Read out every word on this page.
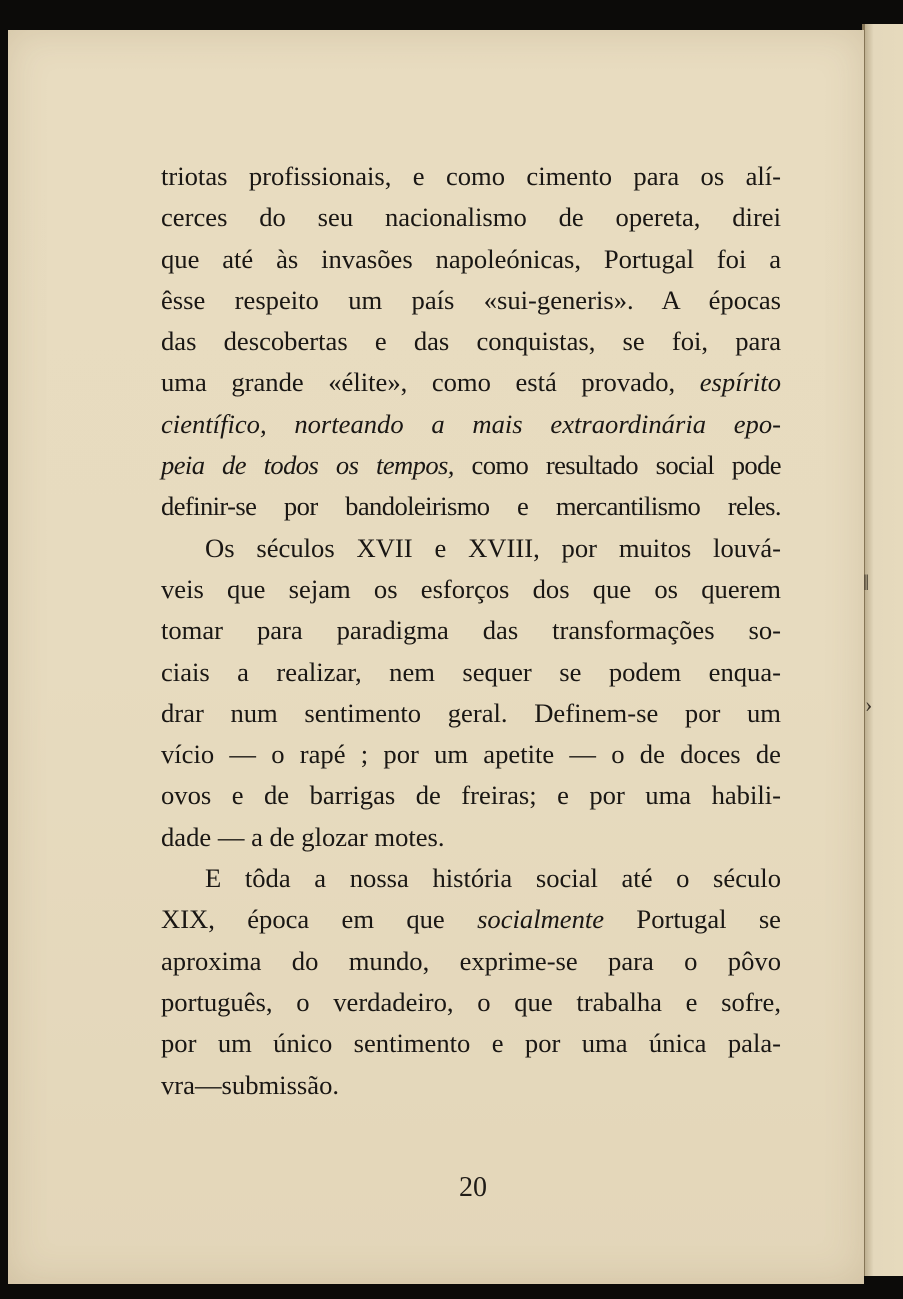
ǁ
›
triotas profissionais, e como cimento para os alí-
cerces do seu nacionalismo de opereta, direi
que até às invasões napoleónicas, Portugal foi a
êsse respeito um país «sui-generis». A épocas
das descobertas e das conquistas, se foi, para
uma grande «élite», como está provado, espírito
científico, norteando a mais extraordinária epo-
peia de todos os tempos, como resultado social pode
definir-se por bandoleirismo e mercantilismo reles.
Os séculos XVII e XVIII, por muitos louvá-
veis que sejam os esforços dos que os querem
tomar para paradigma das transformações so-
ciais a realizar, nem sequer se podem enqua-
drar num sentimento geral. Definem-se por um
vício — o rapé ; por um apetite — o de doces de
ovos e de barrigas de freiras; e por uma habili-
dade — a de glozar motes.
E tôda a nossa história social até o século
XIX, época em que socialmente Portugal se
aproxima do mundo, exprime-se para o pôvo
português, o verdadeiro, o que trabalha e sofre,
por um único sentimento e por uma única pala-
vra—submissão.
20
